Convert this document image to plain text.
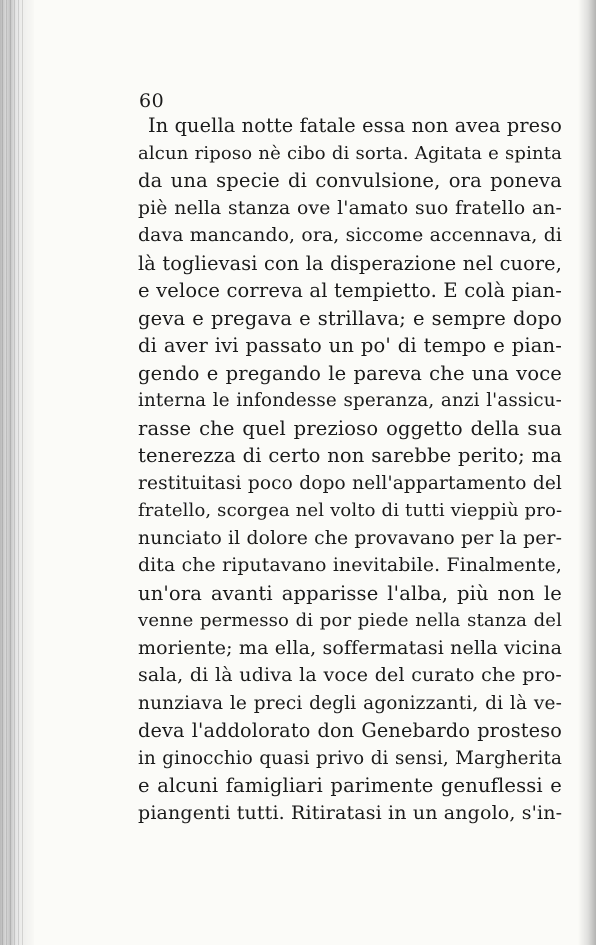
60
In quella notte fatale essa non avea preso
alcun riposo nè cibo di sorta. Agitata e spinta
da una specie di convulsione, ora poneva
piè nella stanza ove l'amato suo fratello an-
dava mancando, ora, siccome accennava, di
là toglievasi con la disperazione nel cuore,
e veloce correva al tempietto. E colà pian-
geva e pregava e strillava; e sempre dopo
di aver ivi passato un po' di tempo e pian-
gendo e pregando le pareva che una voce
interna le infondesse speranza, anzi l'assicu-
rasse che quel prezioso oggetto della sua
tenerezza di certo non sarebbe perito; ma
restituitasi poco dopo nell'appartamento del
fratello, scorgea nel volto di tutti vieppiù pro-
nunciato il dolore che provavano per la per-
dita che riputavano inevitabile. Finalmente,
un'ora avanti apparisse l'alba, più non le
venne permesso di por piede nella stanza del
moriente; ma ella, soffermatasi nella vicina
sala, di là udiva la voce del curato che pro-
nunziava le preci degli agonizzanti, di là ve-
deva l'addolorato don Genebardo prosteso
in ginocchio quasi privo di sensi, Margherita
e alcuni famigliari parimente genuflessi e
piangenti tutti. Ritiratasi in un angolo, s'in-
